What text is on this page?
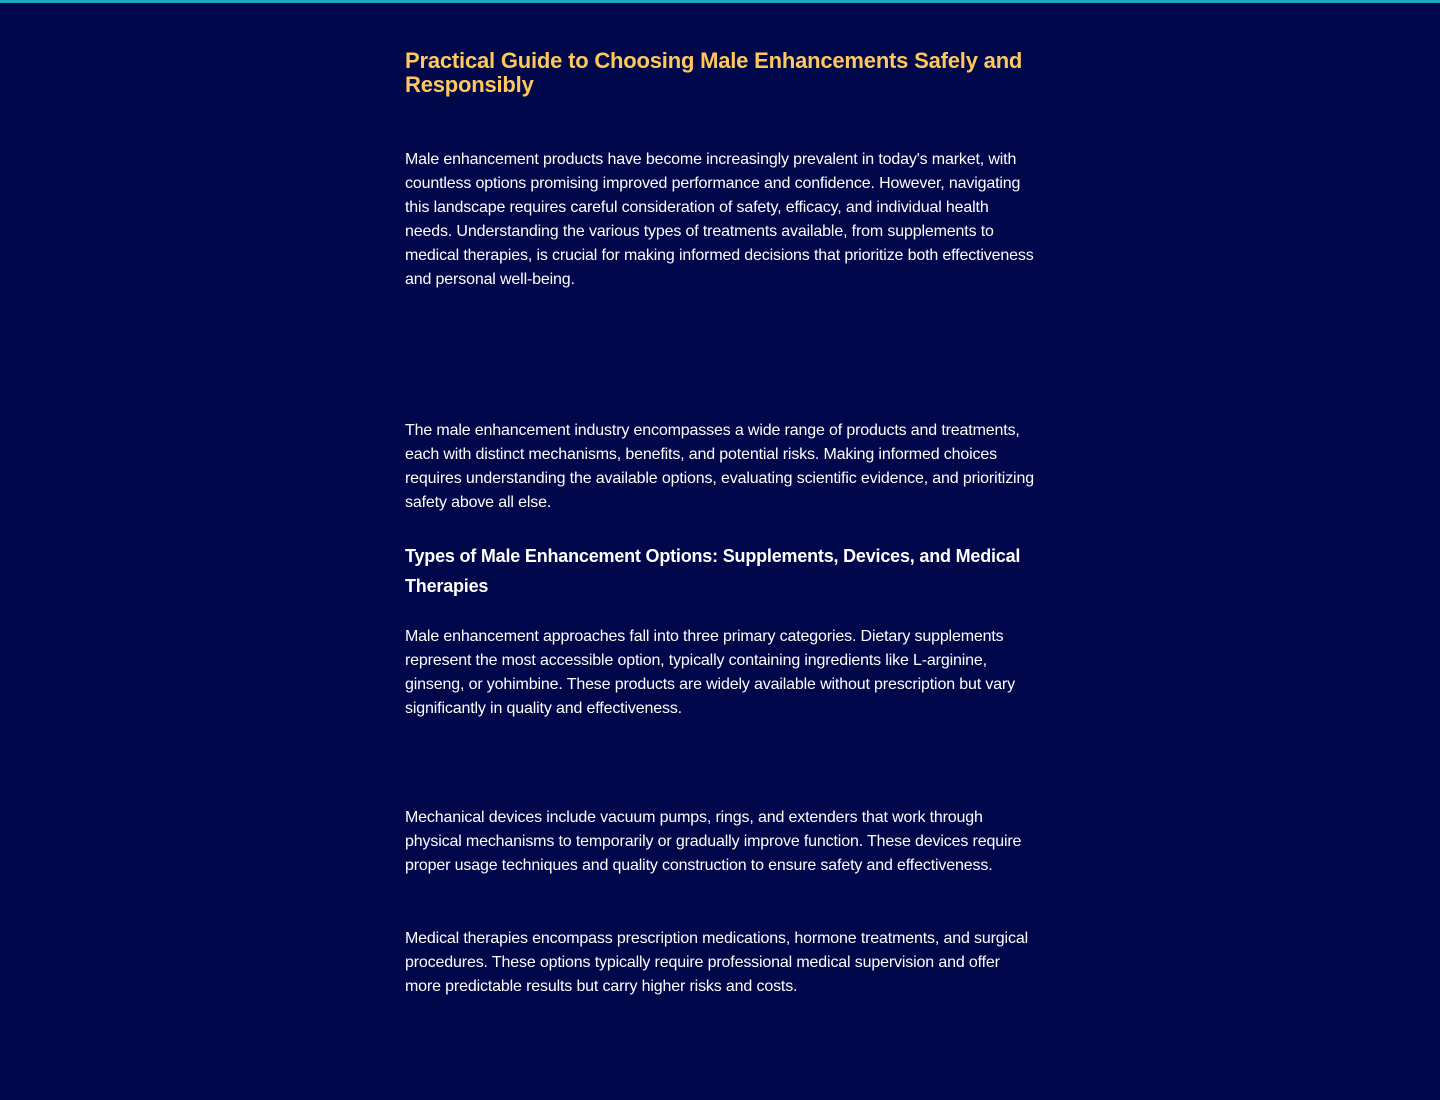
Practical Guide to Choosing Male Enhancements Safely and Responsibly

Male enhancement products have become increasingly prevalent in today's market, with countless options promising improved performance and confidence. However, navigating this landscape requires careful consideration of safety, efficacy, and individual health needs. Understanding the various types of treatments available, from supplements to medical therapies, is crucial for making informed decisions that prioritize both effectiveness and personal well-being.

The male enhancement industry encompasses a wide range of products and treatments, each with distinct mechanisms, benefits, and potential risks. Making informed choices requires understanding the available options, evaluating scientific evidence, and prioritizing safety above all else.

Types of Male Enhancement Options: Supplements, Devices, and Medical Therapies

Male enhancement approaches fall into three primary categories. Dietary supplements represent the most accessible option, typically containing ingredients like L-arginine, ginseng, or yohimbine. These products are widely available without prescription but vary significantly in quality and effectiveness.

Mechanical devices include vacuum pumps, rings, and extenders that work through physical mechanisms to temporarily or gradually improve function. These devices require proper usage techniques and quality construction to ensure safety and effectiveness.

Medical therapies encompass prescription medications, hormone treatments, and surgical procedures. These options typically require professional medical supervision and offer more predictable results but carry higher risks and costs.
